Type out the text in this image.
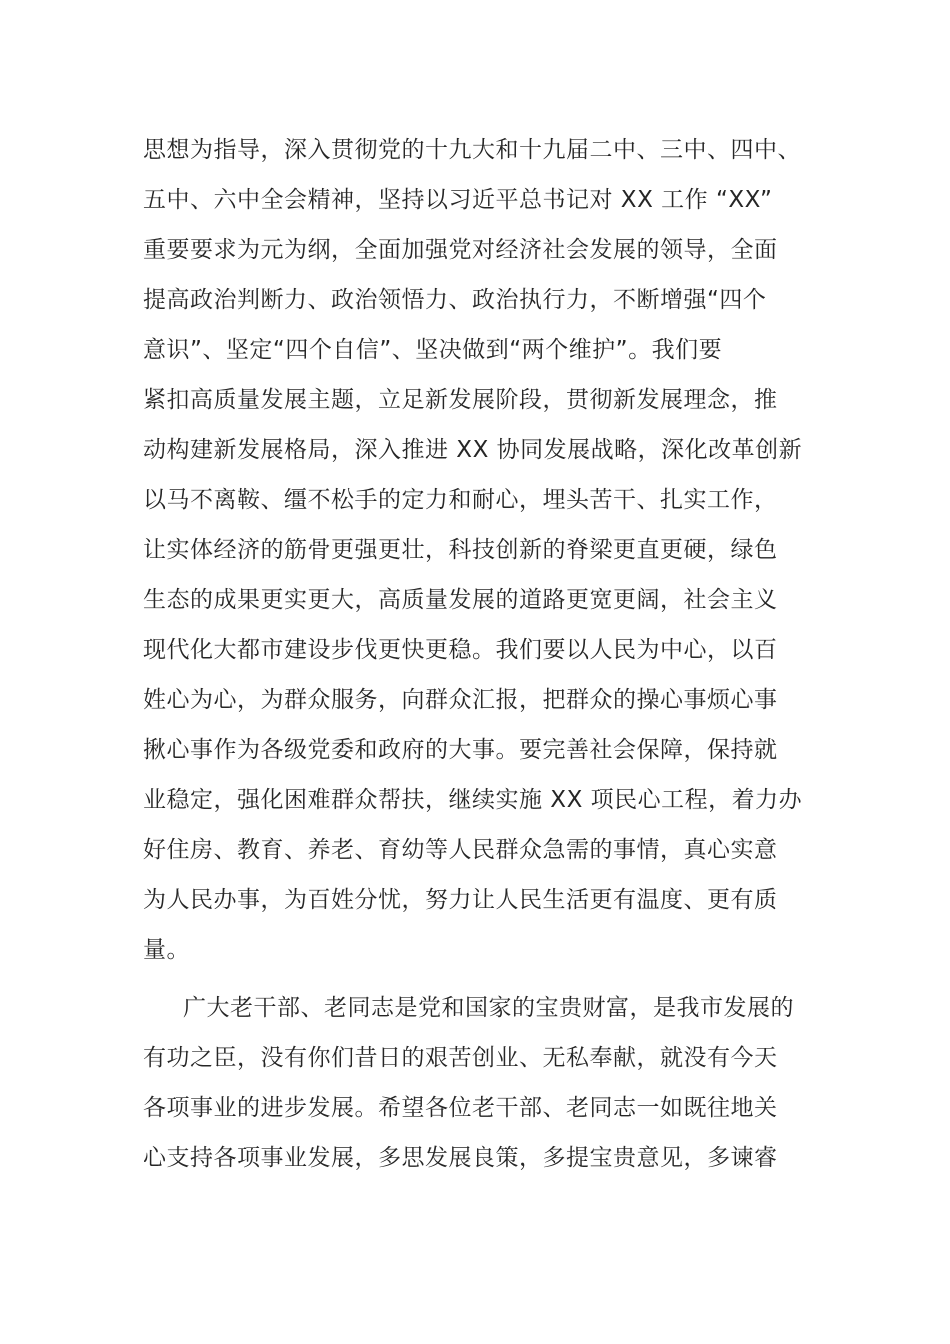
思想为指导，深入贯彻党的十九大和十九届二中、三中、四中、
五中、六中全会精神，坚持以习近平总书记对 XX 工作 “XX”
重要要求为元为纲，全面加强党对经济社会发展的领导，全面
提高政治判断力、政治领悟力、政治执行力，不断增强“四个
意识”、坚定“四个自信”、坚决做到“两个维护”。我们要
紧扣高质量发展主题，立足新发展阶段，贯彻新发展理念，推
动构建新发展格局，深入推进 XX 协同发展战略，深化改革创新
以马不离鞍、缰不松手的定力和耐心，埋头苦干、扎实工作，
让实体经济的筋骨更强更壮，科技创新的脊梁更直更硬，绿色
生态的成果更实更大，高质量发展的道路更宽更阔，社会主义
现代化大都市建设步伐更快更稳。我们要以人民为中心，以百
姓心为心，为群众服务，向群众汇报，把群众的操心事烦心事
揪心事作为各级党委和政府的大事。要完善社会保障，保持就
业稳定，强化困难群众帮扶，继续实施 XX 项民心工程，着力办
好住房、教育、养老、育幼等人民群众急需的事情，真心实意
为人民办事，为百姓分忧，努力让人民生活更有温度、更有质
量。
广大老干部、老同志是党和国家的宝贵财富，是我市发展的
有功之臣，没有你们昔日的艰苦创业、无私奉献，就没有今天
各项事业的进步发展。希望各位老干部、老同志一如既往地关
心支持各项事业发展，多思发展良策，多提宝贵意见，多谏睿
